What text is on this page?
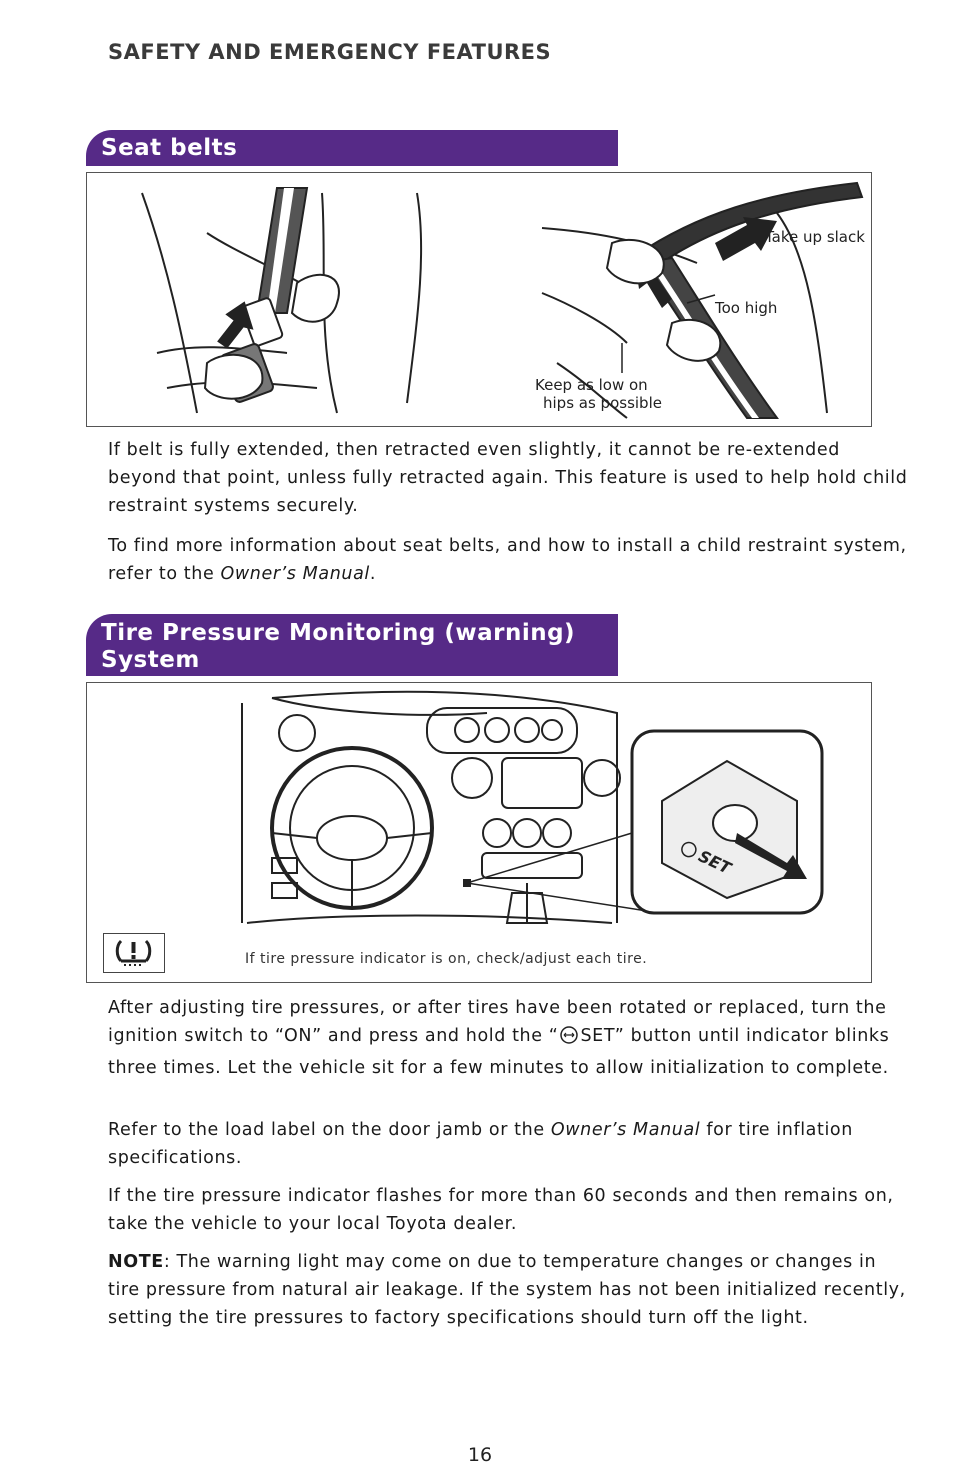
SAFETY AND EMERGENCY FEATURES
Seat belts
Take up slack
Too high
Keep as low on
hips as possible
If belt is fully extended, then retracted even slightly, it cannot be re-extended beyond that point, unless fully retracted again. This feature is used to help hold child restraint systems securely.
To find more information about seat belts, and how to install a child restraint system, refer to the Owner’s Manual.
Tire Pressure Monitoring (warning)
System
SET
If tire pressure indicator is on, check/adjust each tire.
After adjusting tire pressures, or after tires have been rotated or replaced, turn the ignition switch to “ON” and press and hold the “ SET” button until indicator blinks three times. Let the vehicle sit for a few minutes to allow initialization to complete.
Refer to the load label on the door jamb or the Owner’s Manual for tire inflation specifications.
If the tire pressure indicator flashes for more than 60 seconds and then remains on, take the vehicle to your local Toyota dealer.
NOTE: The warning light may come on due to temperature changes or changes in tire pressure from natural air leakage. If the system has not been initialized recently, setting the tire pressures to factory specifications should turn off the light.
16
